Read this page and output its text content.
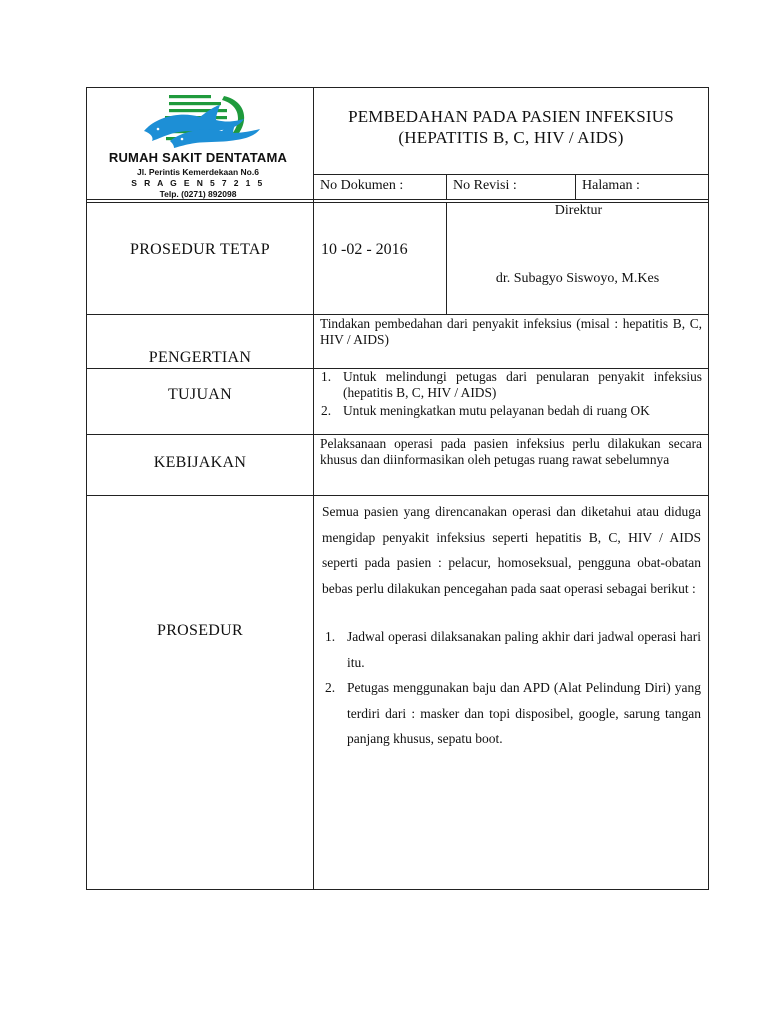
RUMAH SAKIT DENTATAMA
Jl. Perintis Kemerdekaan No.6
S R A G E N 5 7 2 1 5
Telp. (0271) 892098
PEMBEDAHAN PADA PASIEN INFEKSIUS
(HEPATITIS B, C, HIV / AIDS)
No Dokumen :	No Revisi :	Halaman :
PROSEDUR TETAP	10 -02 - 2016
Direktur
dr. Subagyo Siswoyo, M.Kes
PENGERTIAN
Tindakan pembedahan dari penyakit infeksius (misal : hepatitis B, C, HIV / AIDS)
TUJUAN
1. Untuk melindungi petugas dari penularan penyakit infeksius (hepatitis B, C, HIV / AIDS)
2. Untuk meningkatkan mutu pelayanan bedah di ruang OK
KEBIJAKAN
Pelaksanaan operasi pada pasien infeksius perlu dilakukan secara khusus dan diinformasikan oleh petugas ruang rawat sebelumnya
PROSEDUR
Semua pasien yang direncanakan operasi dan diketahui atau diduga mengidap penyakit infeksius seperti hepatitis B, C, HIV / AIDS seperti pada pasien : pelacur, homoseksual, pengguna obat-obatan bebas perlu dilakukan pencegahan pada saat operasi sebagai berikut :
1. Jadwal operasi dilaksanakan paling akhir dari jadwal operasi hari itu.
2. Petugas menggunakan baju dan APD (Alat Pelindung Diri) yang terdiri dari : masker dan topi disposibel, google, sarung tangan panjang khusus, sepatu boot.
